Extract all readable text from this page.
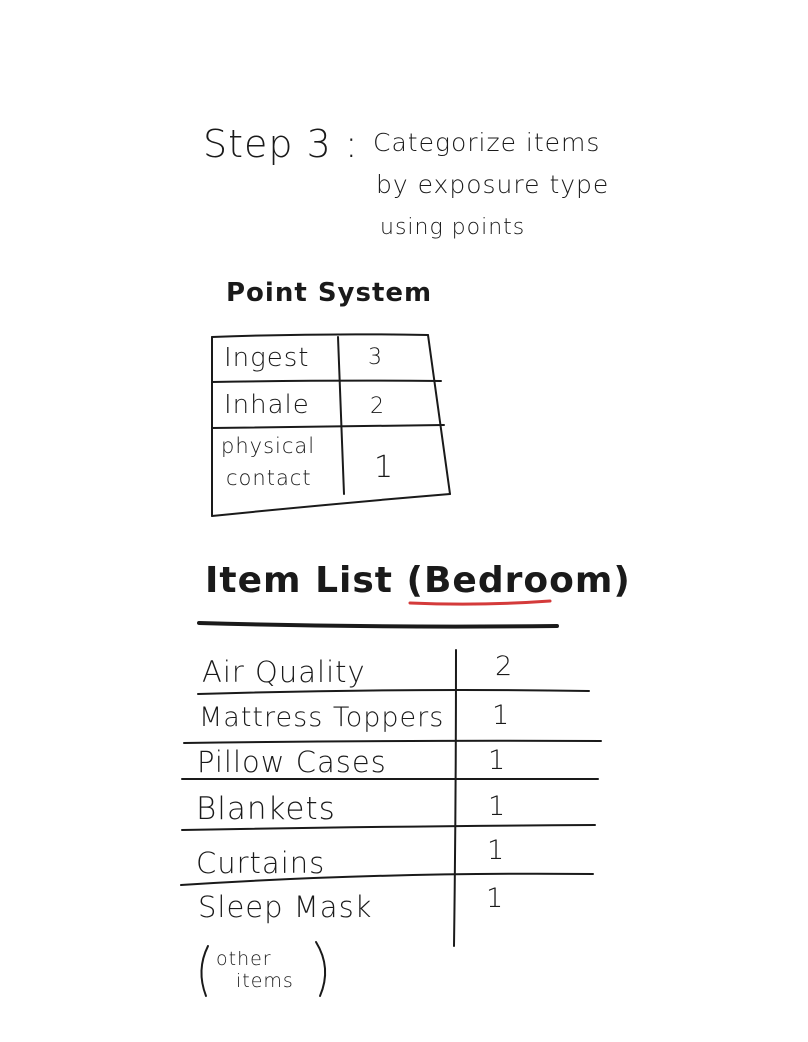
Step 3 : Categorize items
by exposure type
using points
Point System
Ingest	3
Inhale	2
physical
contact 1
Item List (Bedroom)
Air Quality	2
Mattress Toppers 1
Pillow Cases	1
Blankets	1
Curtains	1
Sleep Mask	1
other
items
